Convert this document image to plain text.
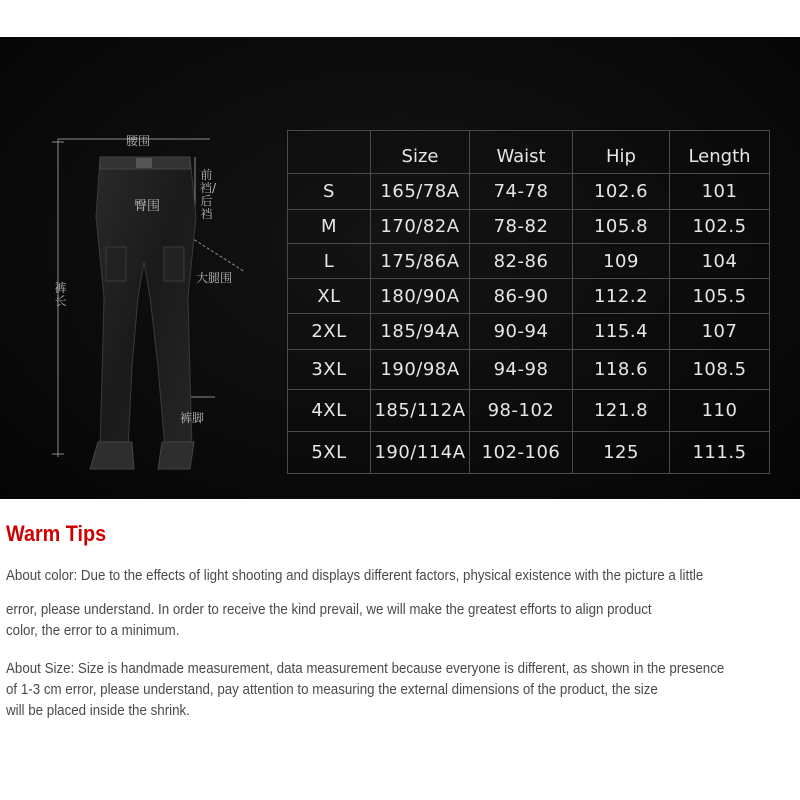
腰围
臀围
前裆/后裆
大腿围
裤长
裤脚
	Size	Waist	Hip	Length
S	165/78A	74-78	102.6	101
M	170/82A	78-82	105.8	102.5
L	175/86A	82-86	109	104
XL	180/90A	86-90	112.2	105.5
2XL	185/94A	90-94	115.4	107
3XL	190/98A	94-98	118.6	108.5
4XL	185/112A	98-102	121.8	110
5XL	190/114A	102-106	125	111.5
Warm Tips

About color: Due to the effects of light shooting and displays different factors, physical existence with the picture a little

error, please understand. In order to receive the kind prevail, we will make the greatest efforts to align product

color, the error to a minimum.

About Size: Size is handmade measurement, data measurement because everyone is different, as shown in the presence

of 1-3 cm error, please understand, pay attention to measuring the external dimensions of the product, the size

will be placed inside the shrink.
